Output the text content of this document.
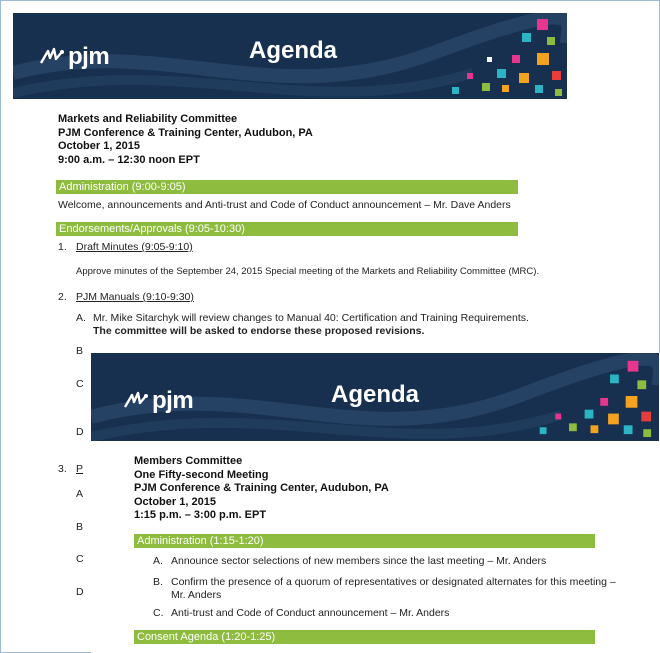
pjm	Agenda
Markets and Reliability Committee
PJM Conference & Training Center, Audubon, PA
October 1, 2015
9:00 a.m. – 12:30 noon EPT
Administration (9:00-9:05)
Welcome, announcements and Anti-trust and Code of Conduct announcement – Mr. Dave Anders
Endorsements/Approvals (9:05-10:30)
1. Draft Minutes (9:05-9:10)
Approve minutes of the September 24, 2015 Special meeting of the Markets and Reliability Committee (MRC).
2. PJM Manuals (9:10-9:30)
A. Mr. Mike Sitarchyk will review changes to Manual 40: Certification and Training Requirements.
The committee will be asked to endorse these proposed revisions.
B
C
D
3. P
A
B
C
D
pjm	Agenda
Members Committee
One Fifty-second Meeting
PJM Conference & Training Center, Audubon, PA
October 1, 2015
1:15 p.m. – 3:00 p.m. EPT
Administration (1:15-1:20)
A. Announce sector selections of new members since the last meeting – Mr. Anders
B. Confirm the presence of a quorum of representatives or designated alternates for this meeting –
Mr. Anders
C. Anti-trust and Code of Conduct announcement – Mr. Anders
Consent Agenda (1:20-1:25)
